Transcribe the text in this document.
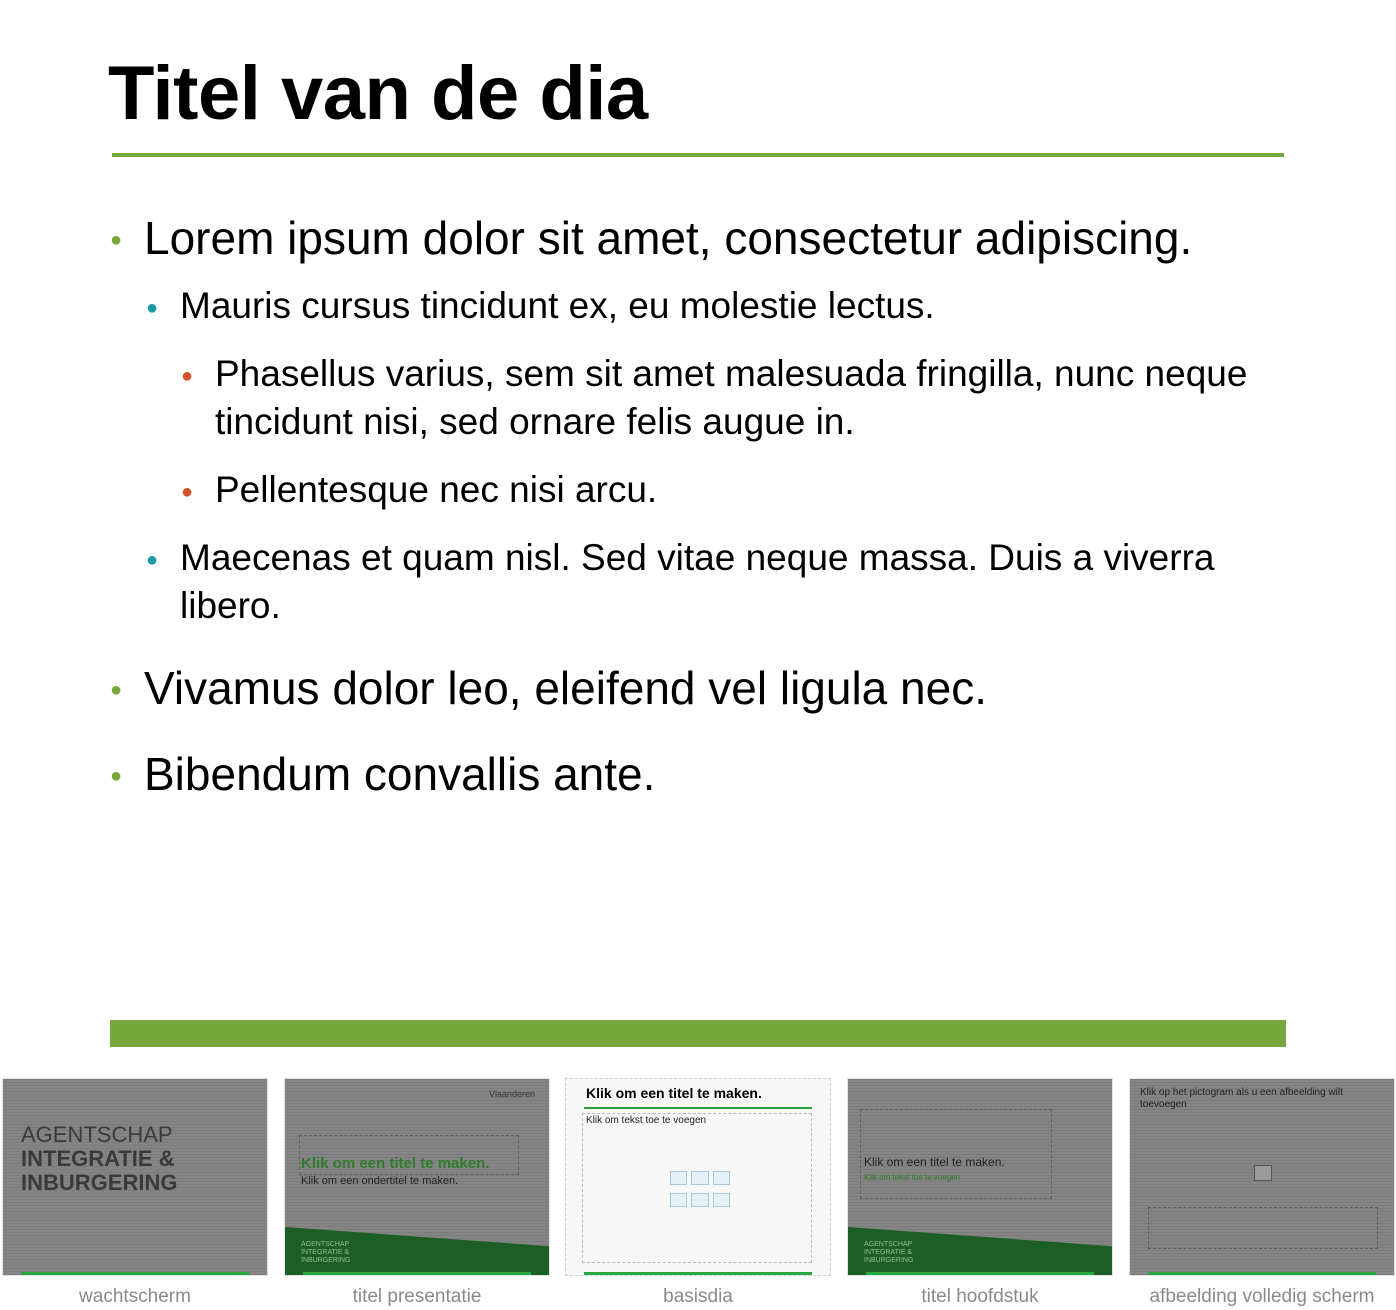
Titel van de dia
● Lorem ipsum dolor sit amet, consectetur adipiscing.
● Mauris cursus tincidunt ex, eu molestie lectus.
● Phasellus varius, sem sit amet malesuada fringilla, nunc neque tincidunt nisi, sed ornare felis augue in.
● Pellentesque nec nisi arcu.
● Maecenas et quam nisl. Sed vitae neque massa. Duis a viverra libero.
● Vivamus dolor leo, eleifend vel ligula nec.
● Bibendum convallis ante.
AGENTSCHAP
INTEGRATIE &
INBURGERING
wachtscherm
Vlaanderen
Klik om een titel te maken.
Klik om een ondertitel te maken.
AGENTSCHAP INTEGRATIE & INBURGERING
titel presentatie
Klik om een titel te maken.
Klik om tekst toe te voegen
basisdia
Klik om een titel te maken.
Klik om tekst toe te voegen
AGENTSCHAP INTEGRATIE & INBURGERING
titel hoofdstuk
Klik op het pictogram als u een afbeelding wilt toevoegen
afbeelding volledig scherm
